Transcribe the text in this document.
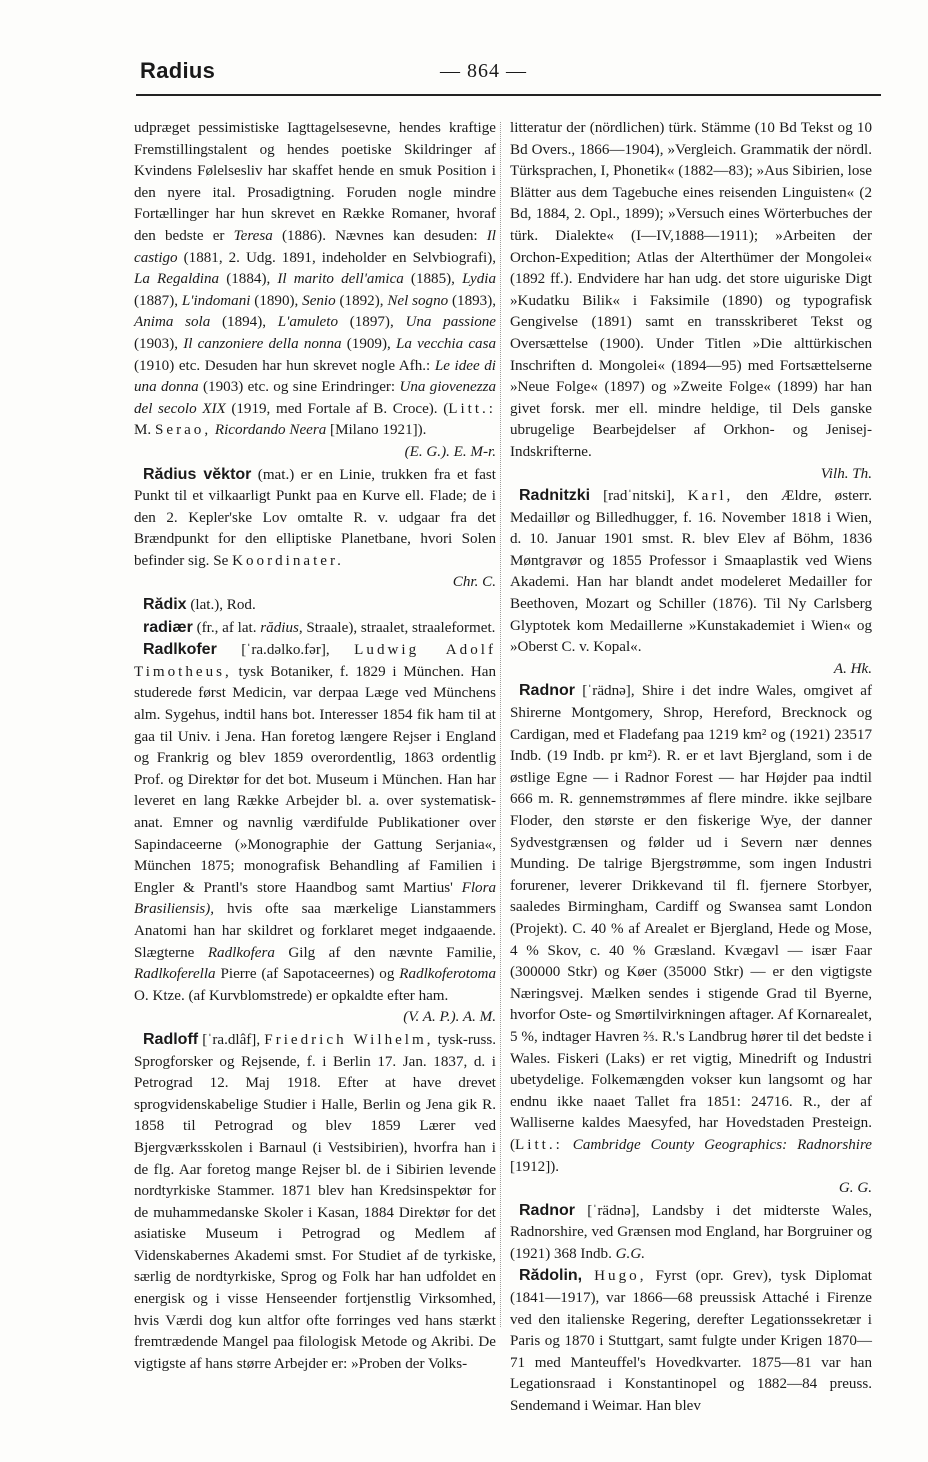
Radius	— 864 —

udpræget pessimistiske Iagttagelsesevne, hendes kraftige Fremstillingstalent og hendes poetiske Skildringer af Kvindens Følelsesliv har skaffet hende en smuk Position i den nyere ital. Prosadigtning. Foruden nogle mindre Fortællinger har hun skrevet en Række Romaner, hvoraf den bedste er Teresa (1886). Nævnes kan desuden: Il castigo (1881, 2. Udg. 1891, indeholder en Selvbiografi), La Regaldina (1884), Il marito dell'amica (1885), Lydia (1887), L'indomani (1890), Senio (1892), Nel sogno (1893), Anima sola (1894), L'amuleto (1897), Una passione (1903), Il canzoniere della nonna (1909), La vecchia casa (1910) etc. Desuden har hun skrevet nogle Afh.: Le idee di una donna (1903) etc. og sine Erindringer: Una giovenezza del secolo XIX (1919, med Fortale af B. Croce). (Litt.: M. Serao, Ricordando Neera [Milano 1921]).

(E. G.). E. M-r.

Rădius vĕktor (mat.) er en Linie, trukken fra et fast Punkt til et vilkaarligt Punkt paa en Kurve ell. Flade; de i den 2. Kepler'ske Lov omtalte R. v. udgaar fra det Brændpunkt for den elliptiske Planetbane, hvori Solen befinder sig. Se Koordinater.

Chr. C.

Rădix (lat.), Rod.

radiær (fr., af lat. rădius, Straale), straalet, straaleformet.

Radlkofer [ˈra.dəlko.fər], Ludwig Adolf Timotheus, tysk Botaniker, f. 1829 i München. Han studerede først Medicin, var derpaa Læge ved Münchens alm. Sygehus, indtil hans bot. Interesser 1854 fik ham til at gaa til Univ. i Jena. Han foretog længere Rejser i England og Frankrig og blev 1859 overordentlig, 1863 ordentlig Prof. og Direktør for det bot. Museum i München. Han har leveret en lang Række Arbejder bl. a. over systematisk-anat. Emner og navnlig værdifulde Publikationer over Sapindaceerne (»Monographie der Gattung Serjania«, München 1875; monografisk Behandling af Familien i Engler & Prantl's store Haandbog samt Martius' Flora Brasiliensis), hvis ofte saa mærkelige Lianstammers Anatomi han har skildret og forklaret meget indgaaende. Slægterne Radlkofera Gilg af den nævnte Familie, Radlkoferella Pierre (af Sapotaceernes) og Radlkoferotoma O. Ktze. (af Kurvblomstrede) er opkaldte efter ham.

(V. A. P.). A. M.

Radloff [ˈra.dlâf], Friedrich Wilhelm, tysk-russ. Sprogforsker og Rejsende, f. i Berlin 17. Jan. 1837, d. i Petrograd 12. Maj 1918. Efter at have drevet sprogvidenskabelige Studier i Halle, Berlin og Jena gik R. 1858 til Petrograd og blev 1859 Lærer ved Bjergværksskolen i Barnaul (i Vestsibirien), hvorfra han i de flg. Aar foretog mange Rejser bl. de i Sibirien levende nordtyrkiske Stammer. 1871 blev han Kredsinspektør for de muhammedanske Skoler i Kasan, 1884 Direktør for det asiatiske Museum i Petrograd og Medlem af Videnskabernes Akademi smst. For Studiet af de tyrkiske, særlig de nordtyrkiske, Sprog og Folk har han udfoldet en energisk og i visse Henseender fortjenstlig Virksomhed, hvis Værdi dog kun altfor ofte forringes ved hans stærkt fremtrædende Mangel paa filologisk Metode og Akribi. De vigtigste af hans større Arbejder er: »Proben der Volks-

litteratur der (nördlichen) türk. Stämme (10 Bd Tekst og 10 Bd Overs., 1866—1904), »Vergleich. Grammatik der nördl. Türksprachen, I, Phonetik« (1882—83); »Aus Sibirien, lose Blätter aus dem Tagebuche eines reisenden Linguisten« (2 Bd, 1884, 2. Opl., 1899); »Versuch eines Wörterbuches der türk. Dialekte« (I—IV,1888—1911); »Arbeiten der Orchon-Expedition; Atlas der Alterthümer der Mongolei« (1892 ff.). Endvidere har han udg. det store uiguriske Digt »Kudatku Bilik« i Faksimile (1890) og typografisk Gengivelse (1891) samt en transskriberet Tekst og Oversættelse (1900). Under Titlen »Die alttürkischen Inschriften d. Mongolei« (1894—95) med Fortsættelserne »Neue Folge« (1897) og »Zweite Folge« (1899) har han givet forsk. mer ell. mindre heldige, til Dels ganske ubrugelige Bearbejdelser af Orkhon- og Jenisej-Indskrifterne.

Vilh. Th.

Radnitzki [radˈnitski], Karl, den Ældre, østerr. Medaillør og Billedhugger, f. 16. November 1818 i Wien, d. 10. Januar 1901 smst. R. blev Elev af Böhm, 1836 Møntgravør og 1855 Professor i Smaaplastik ved Wiens Akademi. Han har blandt andet modeleret Medailler for Beethoven, Mozart og Schiller (1876). Til Ny Carlsberg Glyptotek kom Medaillerne »Kunstakademiet i Wien« og »Oberst C. v. Kopal«.

A. Hk.

Radnor [ˈrädnə], Shire i det indre Wales, omgivet af Shirerne Montgomery, Shrop, Hereford, Brecknock og Cardigan, med et Fladefang paa 1219 km² og (1921) 23517 Indb. (19 Indb. pr km²). R. er et lavt Bjergland, som i de østlige Egne — i Radnor Forest — har Højder paa indtil 666 m. R. gennemstrømmes af flere mindre. ikke sejlbare Floder, den største er den fiskerige Wye, der danner Sydvestgrænsen og følder ud i Severn nær dennes Munding. De talrige Bjergstrømme, som ingen Industri forurener, leverer Drikkevand til fl. fjernere Storbyer, saaledes Birmingham, Cardiff og Swansea samt London (Projekt). C. 40 % af Arealet er Bjergland, Hede og Mose, 4 % Skov, c. 40 % Græsland. Kvægavl — især Faar (300000 Stkr) og Køer (35000 Stkr) — er den vigtigste Næringsvej. Mælken sendes i stigende Grad til Byerne, hvorfor Oste- og Smørtilvirkningen aftager. Af Kornarealet, 5 %, indtager Havren ⅔. R.'s Landbrug hører til det bedste i Wales. Fiskeri (Laks) er ret vigtig, Minedrift og Industri ubetydelige. Folkemængden vokser kun langsomt og har endnu ikke naaet Tallet fra 1851: 24716. R., der af Walliserne kaldes Maesyfed, har Hovedstaden Presteign. (Litt.: Cambridge County Geographics: Radnorshire [1912]).

G. G.

Radnor [ˈrädnə], Landsby i det midterste Wales, Radnorshire, ved Grænsen mod England, har Borgruiner og (1921) 368 Indb. G.G.

Rădolin, Hugo, Fyrst (opr. Grev), tysk Diplomat (1841—1917), var 1866—68 preussisk Attaché i Firenze ved den italienske Regering, derefter Legationssekretær i Paris og 1870 i Stuttgart, samt fulgte under Krigen 1870—71 med Manteuffel's Hovedkvarter. 1875—81 var han Legationsraad i Konstantinopel og 1882—84 preuss. Sendemand i Weimar. Han blev
